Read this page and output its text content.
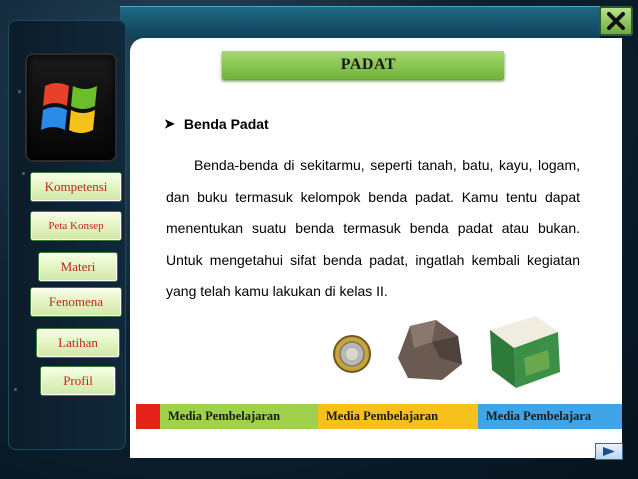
Kompetensi
Peta Konsep
Materi
Fenomena
Latihan
Profil
PADAT
➤ Benda Padat
Benda-benda di sekitarmu, seperti tanah, batu, kayu, logam, dan buku termasuk kelompok benda padat. Kamu tentu dapat menentukan suatu benda termasuk benda padat atau bukan. Untuk mengetahui sifat benda padat, ingatlah kembali kegiatan yang telah kamu lakukan di kelas II.
Media Pembelajaran	Media Pembelajaran	Media Pembelajara
